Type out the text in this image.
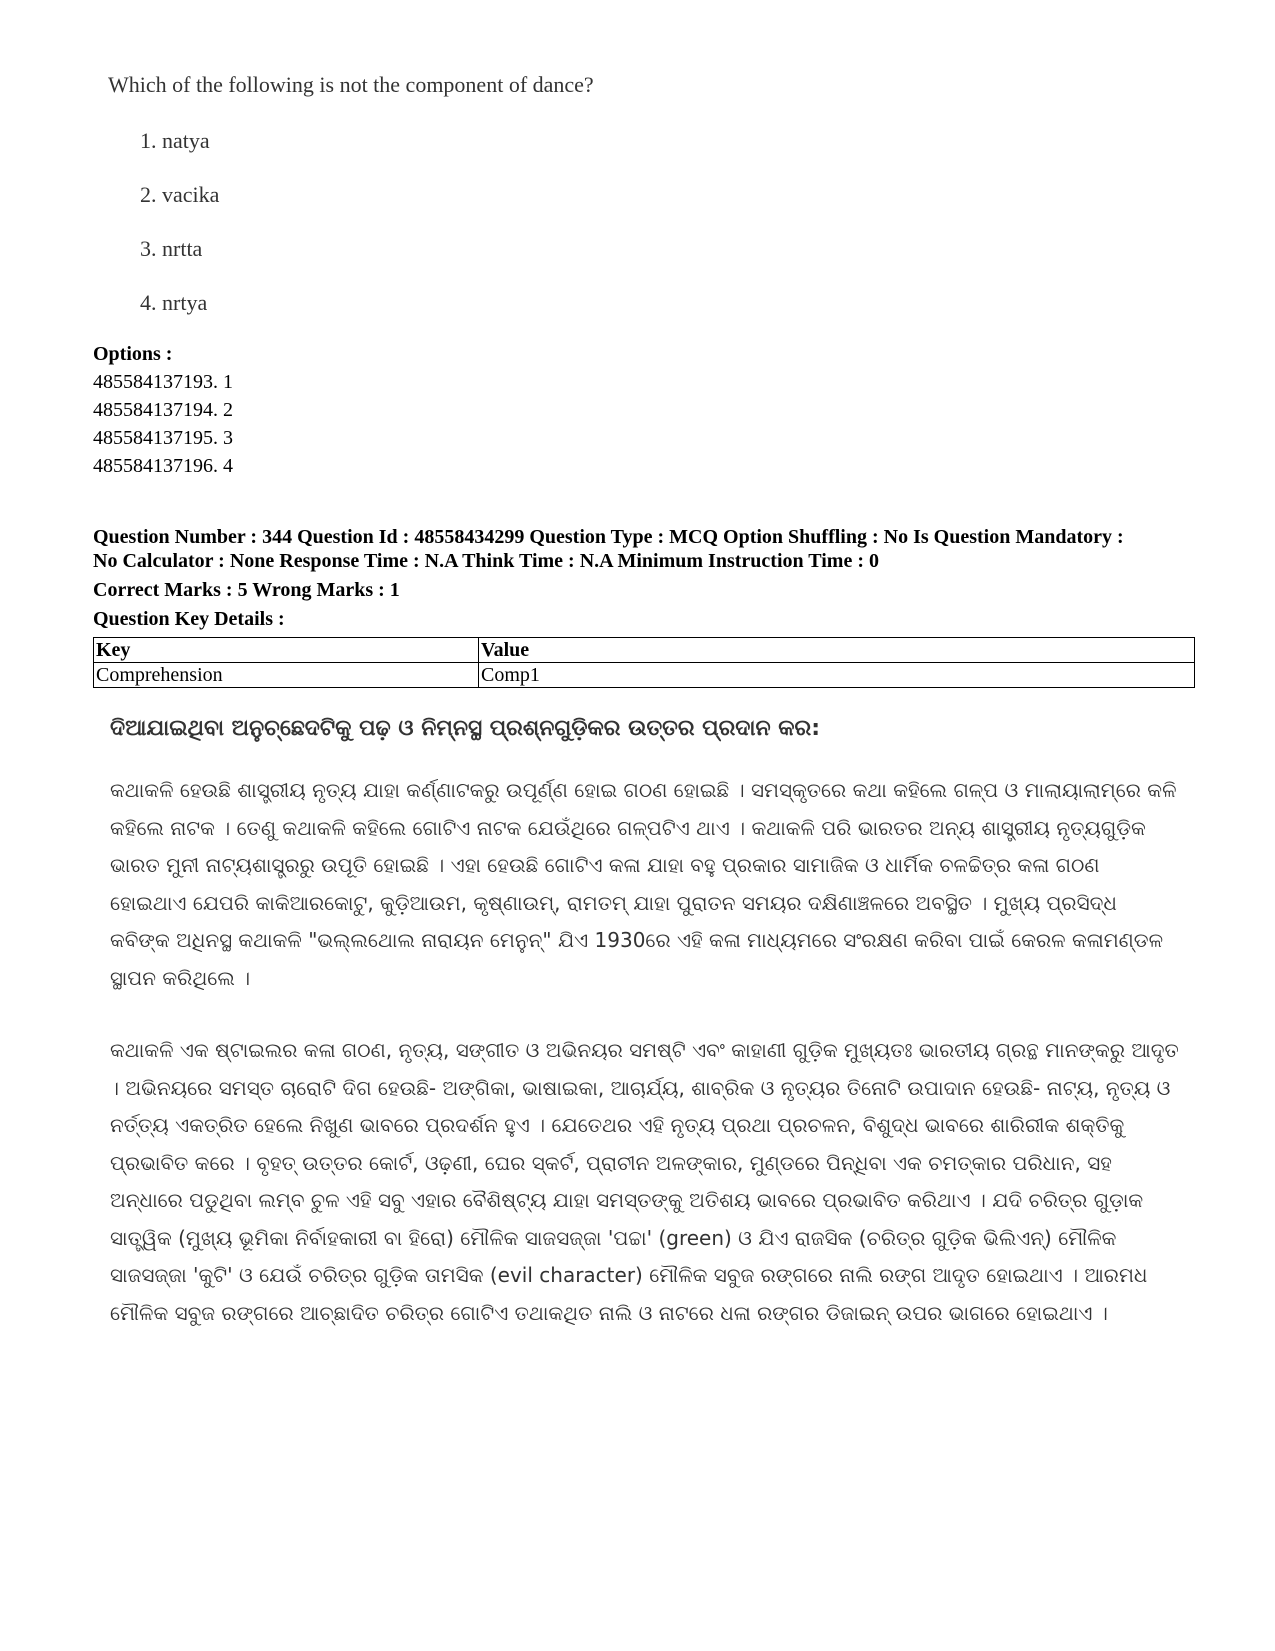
Which of the following is not the component of dance?
1. natya
2. vacika
3. nrtta
4. nrtya
Options :
485584137193. 1
485584137194. 2
485584137195. 3
485584137196. 4
Question Number : 344 Question Id : 48558434299 Question Type : MCQ Option Shuffling : No Is Question Mandatory :
No Calculator : None Response Time : N.A Think Time : N.A Minimum Instruction Time : 0
Correct Marks : 5 Wrong Marks : 1
Question Key Details :
Key	Value
Comprehension	Comp1
ଦିଆଯାଇଥିବା ଅନୁଚ୍ଛେଦଟିକୁ ପଢ଼ ଓ ନିମ୍ନସ୍ଥ ପ୍ରଶ୍ନଗୁଡ଼ିକର ଉତ୍ତର ପ୍ରଦାନ କର:

କଥାକଳି ହେଉଛି ଶାସ୍ତ୍ରୀୟ ନୃତ୍ୟ ଯାହା କର୍ଣ୍ଣାଟକରୁ ଉପୂର୍ଣ୍ଣ ହୋଇ ଗଠଣ ହୋଇଛି । ସମସ୍କୃତରେ କଥା କହିଲେ ଗଳ୍ପ ଓ ମାଲାୟାଲାମ୍‌ରେ କଳି କହିଲେ ନାଟକ । ତେଣୁ କଥାକଳି କହିଲେ ଗୋଟିଏ ନାଟକ ଯେଉଁଥିରେ ଗଳ୍ପଟିଏ ଥାଏ । କଥାକଳି ପରି ଭାରତର ଅନ୍ୟ ଶାସ୍ତ୍ରୀୟ ନୃତ୍ୟଗୁଡ଼ିକ ଭାରତ ମୁନୀ ନାଟ୍ୟଶାସ୍ତ୍ରରୁ ଉପୂତି ହୋଇଛି । ଏହା ହେଉଛି ଗୋଟିଏ କଳା ଯାହା ବହୁ ପ୍ରକାର ସାମାଜିକ ଓ ଧାର୍ମିକ ଚଳଚ୍ଚିତ୍ର କଳା ଗଠଣ ହୋଇଥାଏ ଯେପରି କାକିଆରକୋଟୁ, କୁଡ଼ିଆଉମ, କୃଷ୍ଣାଉମ୍, ରାମତମ୍ ଯାହା ପୁରାତନ ସମୟର ଦକ୍ଷିଣାଞ୍ଚଳରେ ଅବସ୍ଥିତ । ମୁଖ୍ୟ ପ୍ରସିଦ୍ଧ କବିଙ୍କ ଅଧିନସ୍ଥ କଥାକଳି "ଭଲ୍ଲଥୋଲ ନାରାୟନ ମେନୁନ୍" ଯିଏ 1930ରେ ଏହି କଳା ମାଧ୍ୟମରେ ସଂରକ୍ଷଣ କରିବା ପାଇଁ କେରଳ କଳାମଣ୍ଡଳ ସ୍ଥାପନ କରିଥିଲେ ।

କଥାକଳି ଏକ ଷ୍ଟାଇଲର କଳା ଗଠଣ, ନୃତ୍ୟ, ସଙ୍ଗୀତ ଓ ଅଭିନୟର ସମଷ୍ଟି ଏବଂ କାହାଣୀ ଗୁଡ଼ିକ ମୁଖ୍ୟତଃ ଭାରତୀୟ ଗ୍ରନ୍ଥ ମାନଙ୍କରୁ ଆଦୃତ । ଅଭିନୟରେ ସମସ୍ତ ଚାରୋଟି ଦିଗ ହେଉଛି- ଅଙ୍ଗିକା, ଭାଷାଇକା, ଆଚାର୍ଯ୍ୟ, ଶାବ୍ରିକ ଓ ନୃତ୍ୟର ତିନୋଟି ଉପାଦାନ ହେଉଛି- ନାଟ୍ୟ, ନୃତ୍ୟ ଓ ନର୍ତ୍ତ୍ୟ ଏକତ୍ରିତ ହେଲେ ନିଖୁଣ ଭାବରେ ପ୍ରଦର୍ଶନ ହୁଏ । ଯେତେଥର ଏହି ନୃତ୍ୟ ପ୍ରଥା ପ୍ରଚଳନ, ବିଶୁଦ୍ଧ ଭାବରେ ଶାରିରୀକ ଶକ୍ତିକୁ ପ୍ରଭାବିତ କରେ । ବୃହତ୍ ଉତ୍ତର କୋର୍ଟ, ଓଢ଼ଣୀ, ଘେର ସ୍କର୍ଟ, ପ୍ରାଚୀନ ଅଳଙ୍କାର, ମୁଣ୍ଡରେ ପିନ୍ଧିବା ଏକ ଚମତ୍କାର ପରିଧାନ, ସହ ଅନ୍ଧାରେ ପଡୁଥିବା ଲମ୍ବ ଚୁଳ ଏହି ସବୁ ଏହାର ବୈଶିଷ୍ଟ୍ୟ ଯାହା ସମସ୍ତଙ୍କୁ ଅତିଶୟ ଭାବରେ ପ୍ରଭାବିତ କରିଥାଏ । ଯଦି ଚରିତ୍ର ଗୁଡ଼ାକ ସାତ୍ତ୍ୱିକ (ମୁଖ୍ୟ ଭୂମିକା ନିର୍ବାହକାରୀ ବା ହିରୋ) ମୌଳିକ ସାଜସଜ୍ଜା 'ପଚ୍ଚା' (green) ଓ ଯିଏ ରାଜସିକ (ଚରିତ୍ର ଗୁଡ଼ିକ ଭିଲିଏନ୍) ମୌଳିକ ସାଜସଜ୍ଜା 'କୁଟି' ଓ ଯେଉଁ ଚରିତ୍ର ଗୁଡ଼ିକ ତାମସିକ (evil character) ମୌଳିକ ସବୁଜ ରଙ୍ଗରେ ନାଲି ରଙ୍ଗ ଆଦୃତ ହୋଇଥାଏ । ଆରମଧ ମୌଳିକ ସବୁଜ ରଙ୍ଗରେ ଆଚ୍ଛାଦିତ ଚରିତ୍ର ଗୋଟିଏ ତଥାକଥିତ ନାଲି ଓ ନାଟରେ ଧଳା ରଙ୍ଗର ଡିଜାଇନ୍ ଉପର ଭାଗରେ ହୋଇଥାଏ ।
